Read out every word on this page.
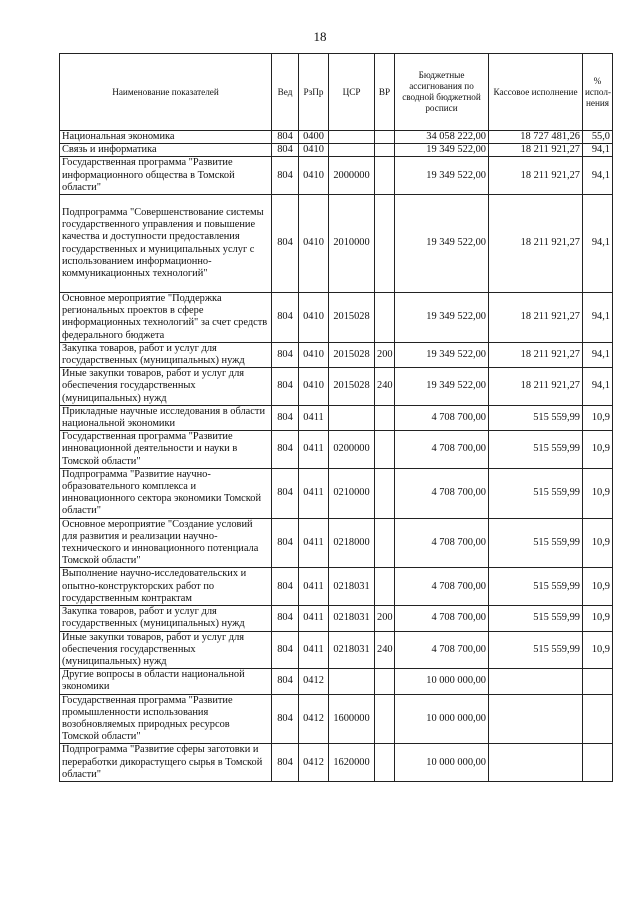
18
Наименование показателей	Вед	РзПр	ЦСР	ВР	Бюджетные ассигнования по сводной бюджетной росписи	Кассовое исполнение	% испол-нения
Национальная экономика	804	0400			34 058 222,00	18 727 481,26	55,0
Связь и информатика	804	0410			19 349 522,00	18 211 921,27	94,1
Государственная программа "Развитие информационного общества в Томской области"	804	0410	2000000		19 349 522,00	18 211 921,27	94,1
Подпрограмма "Совершенствование системы государственного управления и повышение качества и доступности предоставления государственных и муниципальных услуг с использованием информационно-коммуникационных технологий"	804	0410	2010000		19 349 522,00	18 211 921,27	94,1
Основное мероприятие "Поддержка региональных проектов в сфере информационных технологий" за счет средств федерального бюджета	804	0410	2015028		19 349 522,00	18 211 921,27	94,1
Закупка товаров, работ и услуг для государственных (муниципальных) нужд	804	0410	2015028	200	19 349 522,00	18 211 921,27	94,1
Иные закупки товаров, работ и услуг для обеспечения государственных (муниципальных) нужд	804	0410	2015028	240	19 349 522,00	18 211 921,27	94,1
Прикладные научные исследования в области национальной экономики	804	0411			4 708 700,00	515 559,99	10,9
Государственная программа "Развитие инновационной деятельности и науки в Томской области"	804	0411	0200000		4 708 700,00	515 559,99	10,9
Подпрограмма "Развитие научно-образовательного комплекса и инновационного сектора экономики Томской области"	804	0411	0210000		4 708 700,00	515 559,99	10,9
Основное мероприятие "Создание условий для развития и реализации научно-технического и инновационного потенциала Томской области"	804	0411	0218000		4 708 700,00	515 559,99	10,9
Выполнение научно-исследовательских и опытно-конструкторских работ по государственным контрактам	804	0411	0218031		4 708 700,00	515 559,99	10,9
Закупка товаров, работ и услуг для государственных (муниципальных) нужд	804	0411	0218031	200	4 708 700,00	515 559,99	10,9
Иные закупки товаров, работ и услуг для обеспечения государственных (муниципальных) нужд	804	0411	0218031	240	4 708 700,00	515 559,99	10,9
Другие вопросы в области национальной экономики	804	0412			10 000 000,00		
Государственная программа "Развитие промышленности использования возобновляемых природных ресурсов Томской области"	804	0412	1600000		10 000 000,00		
Подпрограмма "Развитие сферы заготовки и переработки дикорастущего сырья в Томской области"	804	0412	1620000		10 000 000,00		
